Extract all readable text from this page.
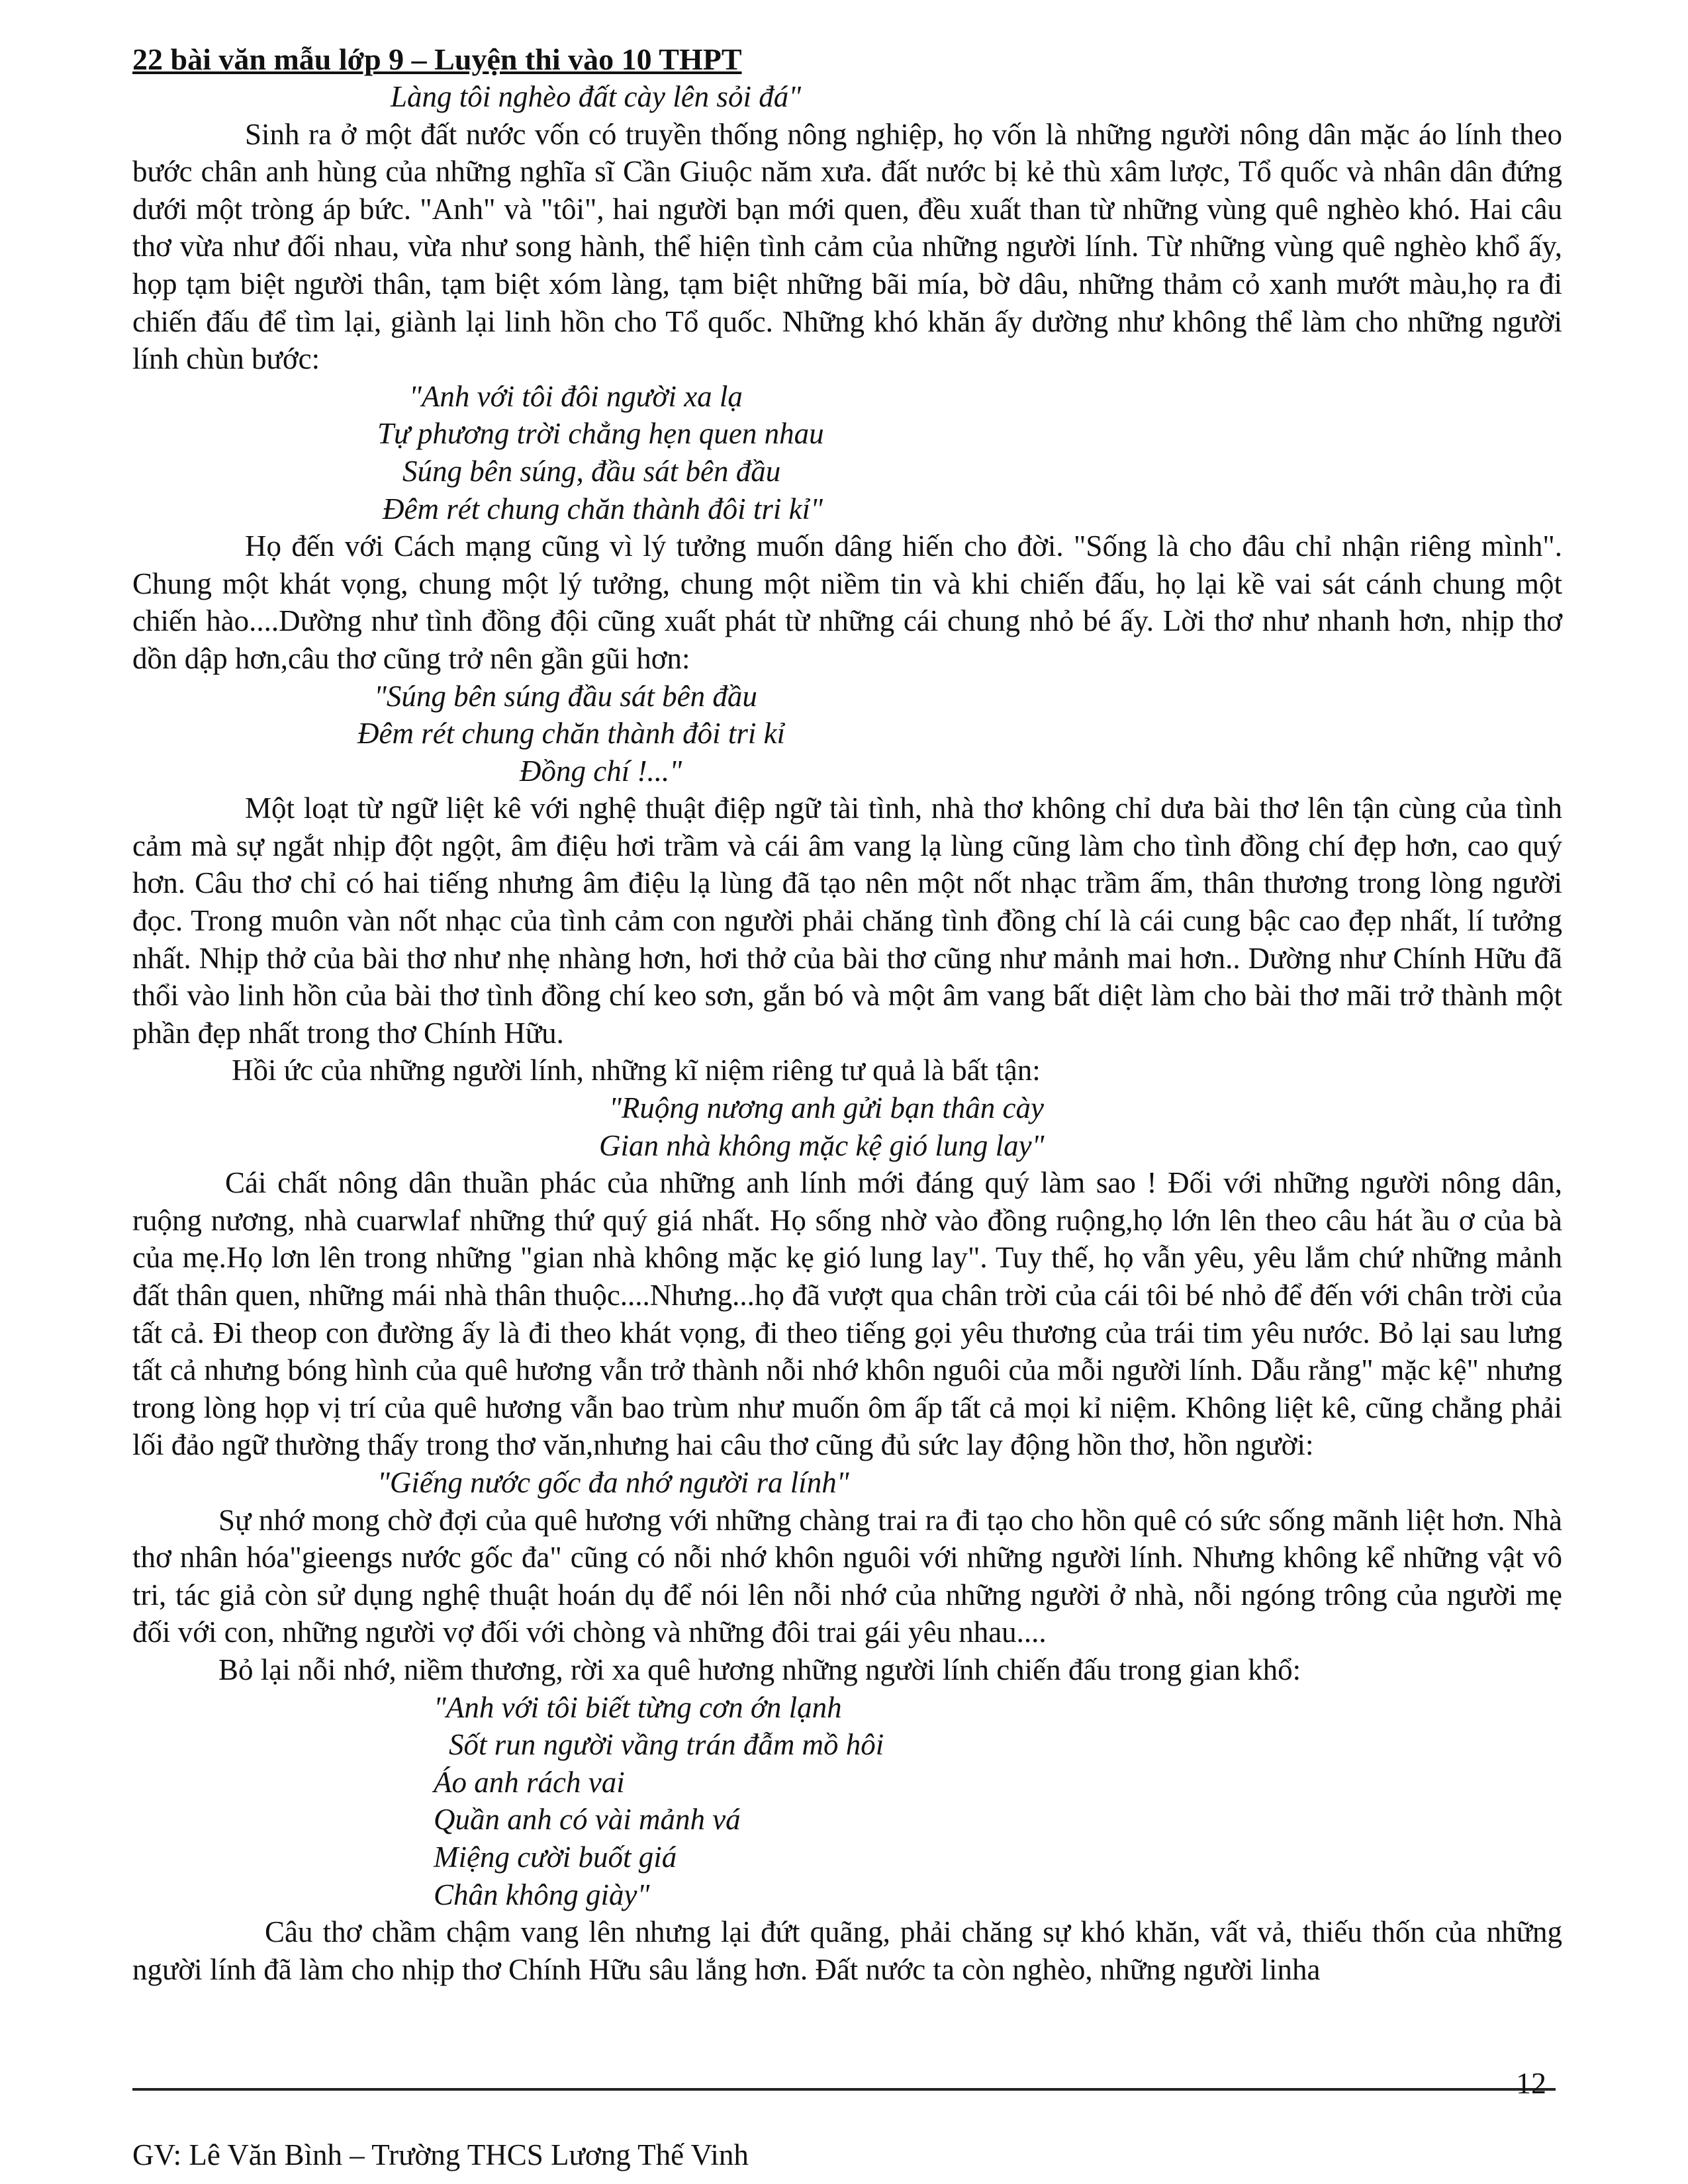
22 bài văn mẫu lớp 9 – Luyện thi vào 10 THPT

Làng tôi nghèo đất cày lên sỏi đá"

Sinh ra ở một đất nước vốn có truyền thống nông nghiệp, họ vốn là những người nông dân mặc áo lính theo bước chân anh hùng của những nghĩa sĩ Cần Giuộc năm xưa. đất nước bị kẻ thù xâm lược, Tổ quốc và nhân dân đứng dưới một tròng áp bức. "Anh" và "tôi", hai người bạn mới quen, đều xuất than từ những vùng quê nghèo khó. Hai câu thơ vừa như đối nhau, vừa như song hành, thể hiện tình cảm của những người lính. Từ những vùng quê nghèo khổ ấy, họp tạm biệt người thân, tạm biệt xóm làng, tạm biệt những bãi mía, bờ dâu, những thảm cỏ xanh mướt màu,họ ra đi chiến đấu để tìm lại, giành lại linh hồn cho Tổ quốc. Những khó khăn ấy dường như không thể làm cho những người lính chùn bước:

"Anh với tôi đôi người xa lạ
Tự phương trời chẳng hẹn quen nhau
Súng bên súng, đầu sát bên đầu
Đêm rét chung chăn thành đôi tri kỉ"

Họ đến với Cách mạng cũng vì lý tưởng muốn dâng hiến cho đời. "Sống là cho đâu chỉ nhận riêng mình". Chung một khát vọng, chung một lý tưởng, chung một niềm tin và khi chiến đấu, họ lại kề vai sát cánh chung một chiến hào....Dường như tình đồng đội cũng xuất phát từ những cái chung nhỏ bé ấy. Lời thơ như nhanh hơn, nhịp thơ dồn dập hơn,câu thơ cũng trở nên gần gũi hơn:

"Súng bên súng đầu sát bên đầu
Đêm rét chung chăn thành đôi tri kỉ
Đồng chí !..."

Một loạt từ ngữ liệt kê với nghệ thuật điệp ngữ tài tình, nhà thơ không chỉ dưa bài thơ lên tận cùng của tình cảm mà sự ngắt nhịp đột ngột, âm điệu hơi trầm và cái âm vang lạ lùng cũng làm cho tình đồng chí đẹp hơn, cao quý hơn. Câu thơ chỉ có hai tiếng nhưng âm điệu lạ lùng đã tạo nên một nốt nhạc trầm ấm, thân thương trong lòng người đọc. Trong muôn vàn nốt nhạc của tình cảm con người phải chăng tình đồng chí là cái cung bậc cao đẹp nhất, lí tưởng nhất. Nhịp thở của bài thơ như nhẹ nhàng hơn, hơi thở của bài thơ cũng như mảnh mai hơn.. Dường như Chính Hữu đã thổi vào linh hồn của bài thơ tình đồng chí keo sơn, gắn bó và một âm vang bất diệt làm cho bài thơ mãi trở thành một phần đẹp nhất trong thơ Chính Hữu.

Hồi ức của những người lính, những kĩ niệm riêng tư quả là bất tận:

"Ruộng nương anh gửi bạn thân cày
Gian nhà không mặc kệ gió lung lay"

Cái chất nông dân thuần phác của những anh lính mới đáng quý làm sao ! Đối với những người nông dân, ruộng nương, nhà cuarwlaf những thứ quý giá nhất. Họ sống nhờ vào đồng ruộng,họ lớn lên theo câu hát ầu ơ của bà của mẹ.Họ lơn lên trong những "gian nhà không mặc kẹ gió lung lay". Tuy thế, họ vẫn yêu, yêu lắm chứ những mảnh đất thân quen, những mái nhà thân thuộc....Nhưng...họ đã vượt qua chân trời của cái tôi bé nhỏ để đến với chân trời của tất cả. Đi theop con đường ấy là đi theo khát vọng, đi theo tiếng gọi yêu thương của trái tim yêu nước. Bỏ lại sau lưng tất cả nhưng bóng hình của quê hương vẫn trở thành nỗi nhớ khôn nguôi của mỗi người lính. Dẫu rằng" mặc kệ" nhưng trong lòng họp vị trí của quê hương vẫn bao trùm như muốn ôm ấp tất cả mọi kỉ niệm. Không liệt kê, cũng chẳng phải lối đảo ngữ thường thấy trong thơ văn,nhưng hai câu thơ cũng đủ sức lay động hồn thơ, hồn người:

"Giếng nước gốc đa nhớ người ra lính"

Sự nhớ mong chờ đợi của quê hương với những chàng trai ra đi tạo cho hồn quê có sức sống mãnh liệt hơn. Nhà thơ nhân hóa"gieengs nước gốc đa" cũng có nỗi nhớ khôn nguôi với những người lính. Nhưng không kể những vật vô tri, tác giả còn sử dụng nghệ thuật hoán dụ để nói lên nỗi nhớ của những người ở nhà, nỗi ngóng trông của người mẹ đối với con, những người vợ đối với chòng và những đôi trai gái yêu nhau....

Bỏ lại nỗi nhớ, niềm thương, rời xa quê hương những người lính chiến đấu trong gian khổ:

"Anh với tôi biết từng cơn ớn lạnh
Sốt run người vầng trán đẫm mồ hôi
Áo anh rách vai
Quần anh có vài mảnh vá
Miệng cười buốt giá
Chân không giày"

Câu thơ chầm chậm vang lên nhưng lại đứt quãng, phải chăng sự khó khăn, vất vả, thiếu thốn của những người lính đã làm cho nhịp thơ Chính Hữu sâu lắng hơn. Đất nước ta còn nghèo, những người linha

12
GV: Lê Văn Bình – Trường THCS Lương Thế Vinh
